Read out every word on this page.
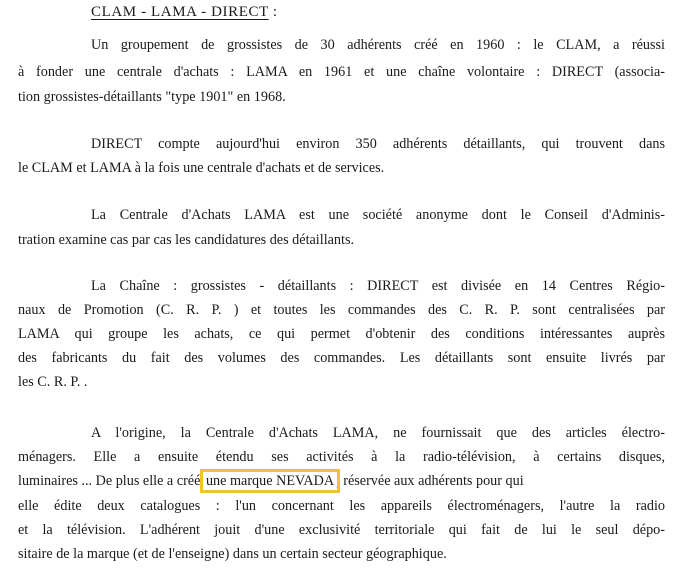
CLAM - LAMA - DIRECT :
Un groupement de grossistes de 30 adhérents créé en 1960 : le CLAM, a réussi
à fonder une centrale d'achats : LAMA en 1961 et une chaîne volontaire : DIRECT (associa-
tion grossistes-détaillants "type 1901" en 1968.
DIRECT compte aujourd'hui environ 350 adhérents détaillants, qui trouvent dans
le CLAM et LAMA à la fois une centrale d'achats et de services.
La Centrale d'Achats LAMA est une société anonyme dont le Conseil d'Adminis-
tration examine cas par cas les candidatures des détaillants.
La Chaîne : grossistes - détaillants : DIRECT est divisée en 14 Centres Régio-
naux de Promotion (C. R. P. ) et toutes les commandes des C. R. P. sont centralisées par
LAMA qui groupe les achats, ce qui permet d'obtenir des conditions intéressantes auprès
des fabricants du fait des volumes des commandes. Les détaillants sont ensuite livrés par
les C. R. P. .
A l'origine, la Centrale d'Achats LAMA, ne fournissait que des articles électro-
ménagers. Elle a ensuite étendu ses activités à la radio-télévision, à certains disques,
luminaires ... De plus elle a créé une marque NEVADA , réservée aux adhérents pour qui
elle édite deux catalogues : l'un concernant les appareils électroménagers, l'autre la radio
et la télévision. L'adhérent jouit d'une exclusivité territoriale qui fait de lui le seul dépo-
sitaire de la marque (et de l'enseigne) dans un certain secteur géographique.
